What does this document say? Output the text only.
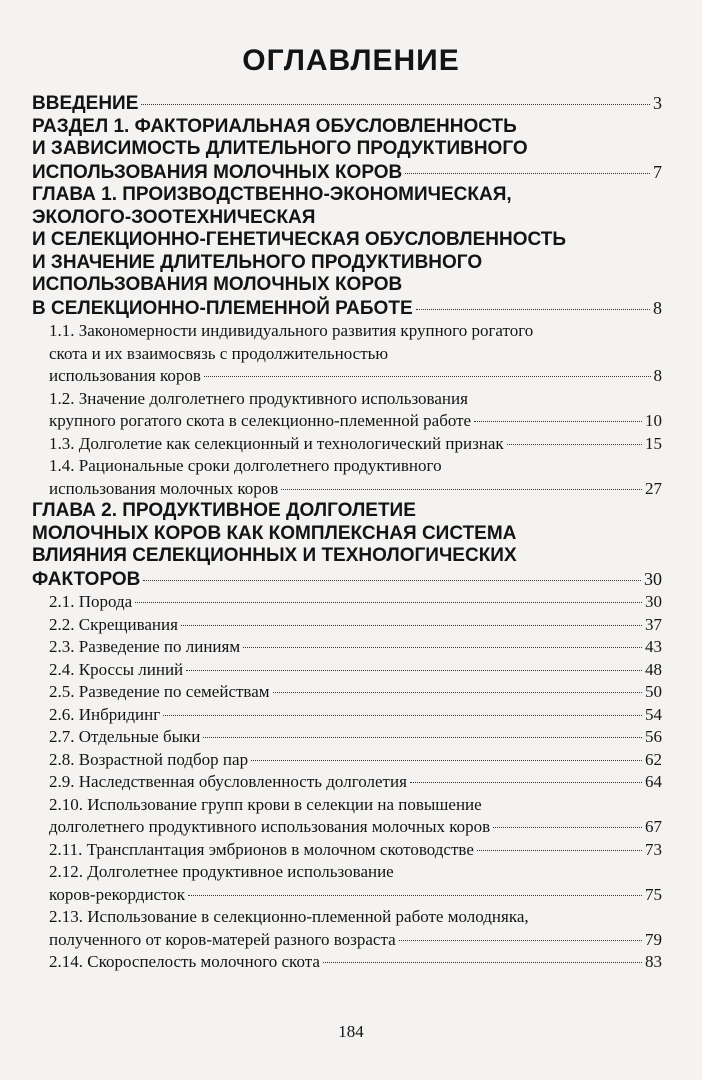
ОГЛАВЛЕНИЕ
ВВЕДЕНИЕ	3
РАЗДЕЛ 1. ФАКТОРИАЛЬНАЯ ОБУСЛОВЛЕННОСТЬ
И ЗАВИСИМОСТЬ ДЛИТЕЛЬНОГО ПРОДУКТИВНОГО
ИСПОЛЬЗОВАНИЯ МОЛОЧНЫХ КОРОВ	7
ГЛАВА 1. ПРОИЗВОДСТВЕННО-ЭКОНОМИЧЕСКАЯ,
ЭКОЛОГО-ЗООТЕХНИЧЕСКАЯ
И СЕЛЕКЦИОННО-ГЕНЕТИЧЕСКАЯ ОБУСЛОВЛЕННОСТЬ
И ЗНАЧЕНИЕ ДЛИТЕЛЬНОГО ПРОДУКТИВНОГО
ИСПОЛЬЗОВАНИЯ МОЛОЧНЫХ КОРОВ
В СЕЛЕКЦИОННО-ПЛЕМЕННОЙ РАБОТЕ	8
1.1. Закономерности индивидуального развития крупного рогатого
скота и их взаимосвязь с продолжительностью
использования коров	8
1.2. Значение долголетнего продуктивного использования
крупного рогатого скота в селекционно-племенной работе	10
1.3. Долголетие как селекционный и технологический признак	15
1.4. Рациональные сроки долголетнего продуктивного
использования молочных коров	27
ГЛАВА 2. ПРОДУКТИВНОЕ ДОЛГОЛЕТИЕ
МОЛОЧНЫХ КОРОВ КАК КОМПЛЕКСНАЯ СИСТЕМА
ВЛИЯНИЯ СЕЛЕКЦИОННЫХ И ТЕХНОЛОГИЧЕСКИХ
ФАКТОРОВ	30
2.1. Порода	30
2.2. Скрещивания	37
2.3. Разведение по линиям	43
2.4. Кроссы линий	48
2.5. Разведение по семействам	50
2.6. Инбридинг	54
2.7. Отдельные быки	56
2.8. Возрастной подбор пар	62
2.9. Наследственная обусловленность долголетия	64
2.10. Использование групп крови в селекции на повышение
долголетнего продуктивного использования молочных коров	67
2.11. Трансплантация эмбрионов в молочном скотоводстве	73
2.12. Долголетнее продуктивное использование
коров-рекордисток	75
2.13. Использование в селекционно-племенной работе молодняка,
полученного от коров-матерей разного возраста	79
2.14. Скороспелость молочного скота	83
184
